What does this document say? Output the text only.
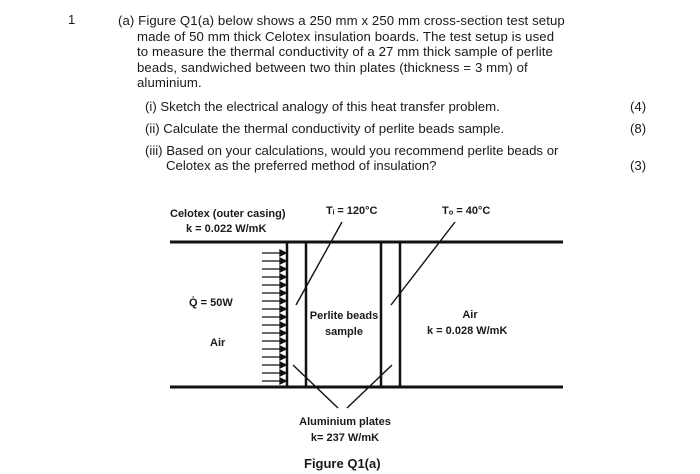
1	(a) Figure Q1(a) below shows a 250 mm x 250 mm cross-section test setup

made of 50 mm thick Celotex insulation boards. The test setup is used
to measure the thermal conductivity of a 27 mm thick sample of perlite
beads, sandwiched between two thin plates (thickness = 3 mm) of
aluminium.
(i) Sketch the electrical analogy of this heat transfer problem.	(4)
(ii) Calculate the thermal conductivity of perlite beads sample.	(8)
(iii) Based on your calculations, would you recommend perlite beads or
Celotex as the preferred method of insulation?	(3)
Celotex (outer casing)
k = 0.022 W/mK
Tᵢ = 120°C	Tₒ = 40°C
Q̇ = 50W
Air
Perlite beads
sample
Air
k = 0.028 W/mK
Aluminium plates
k= 237 W/mK
Figure Q1(a)
